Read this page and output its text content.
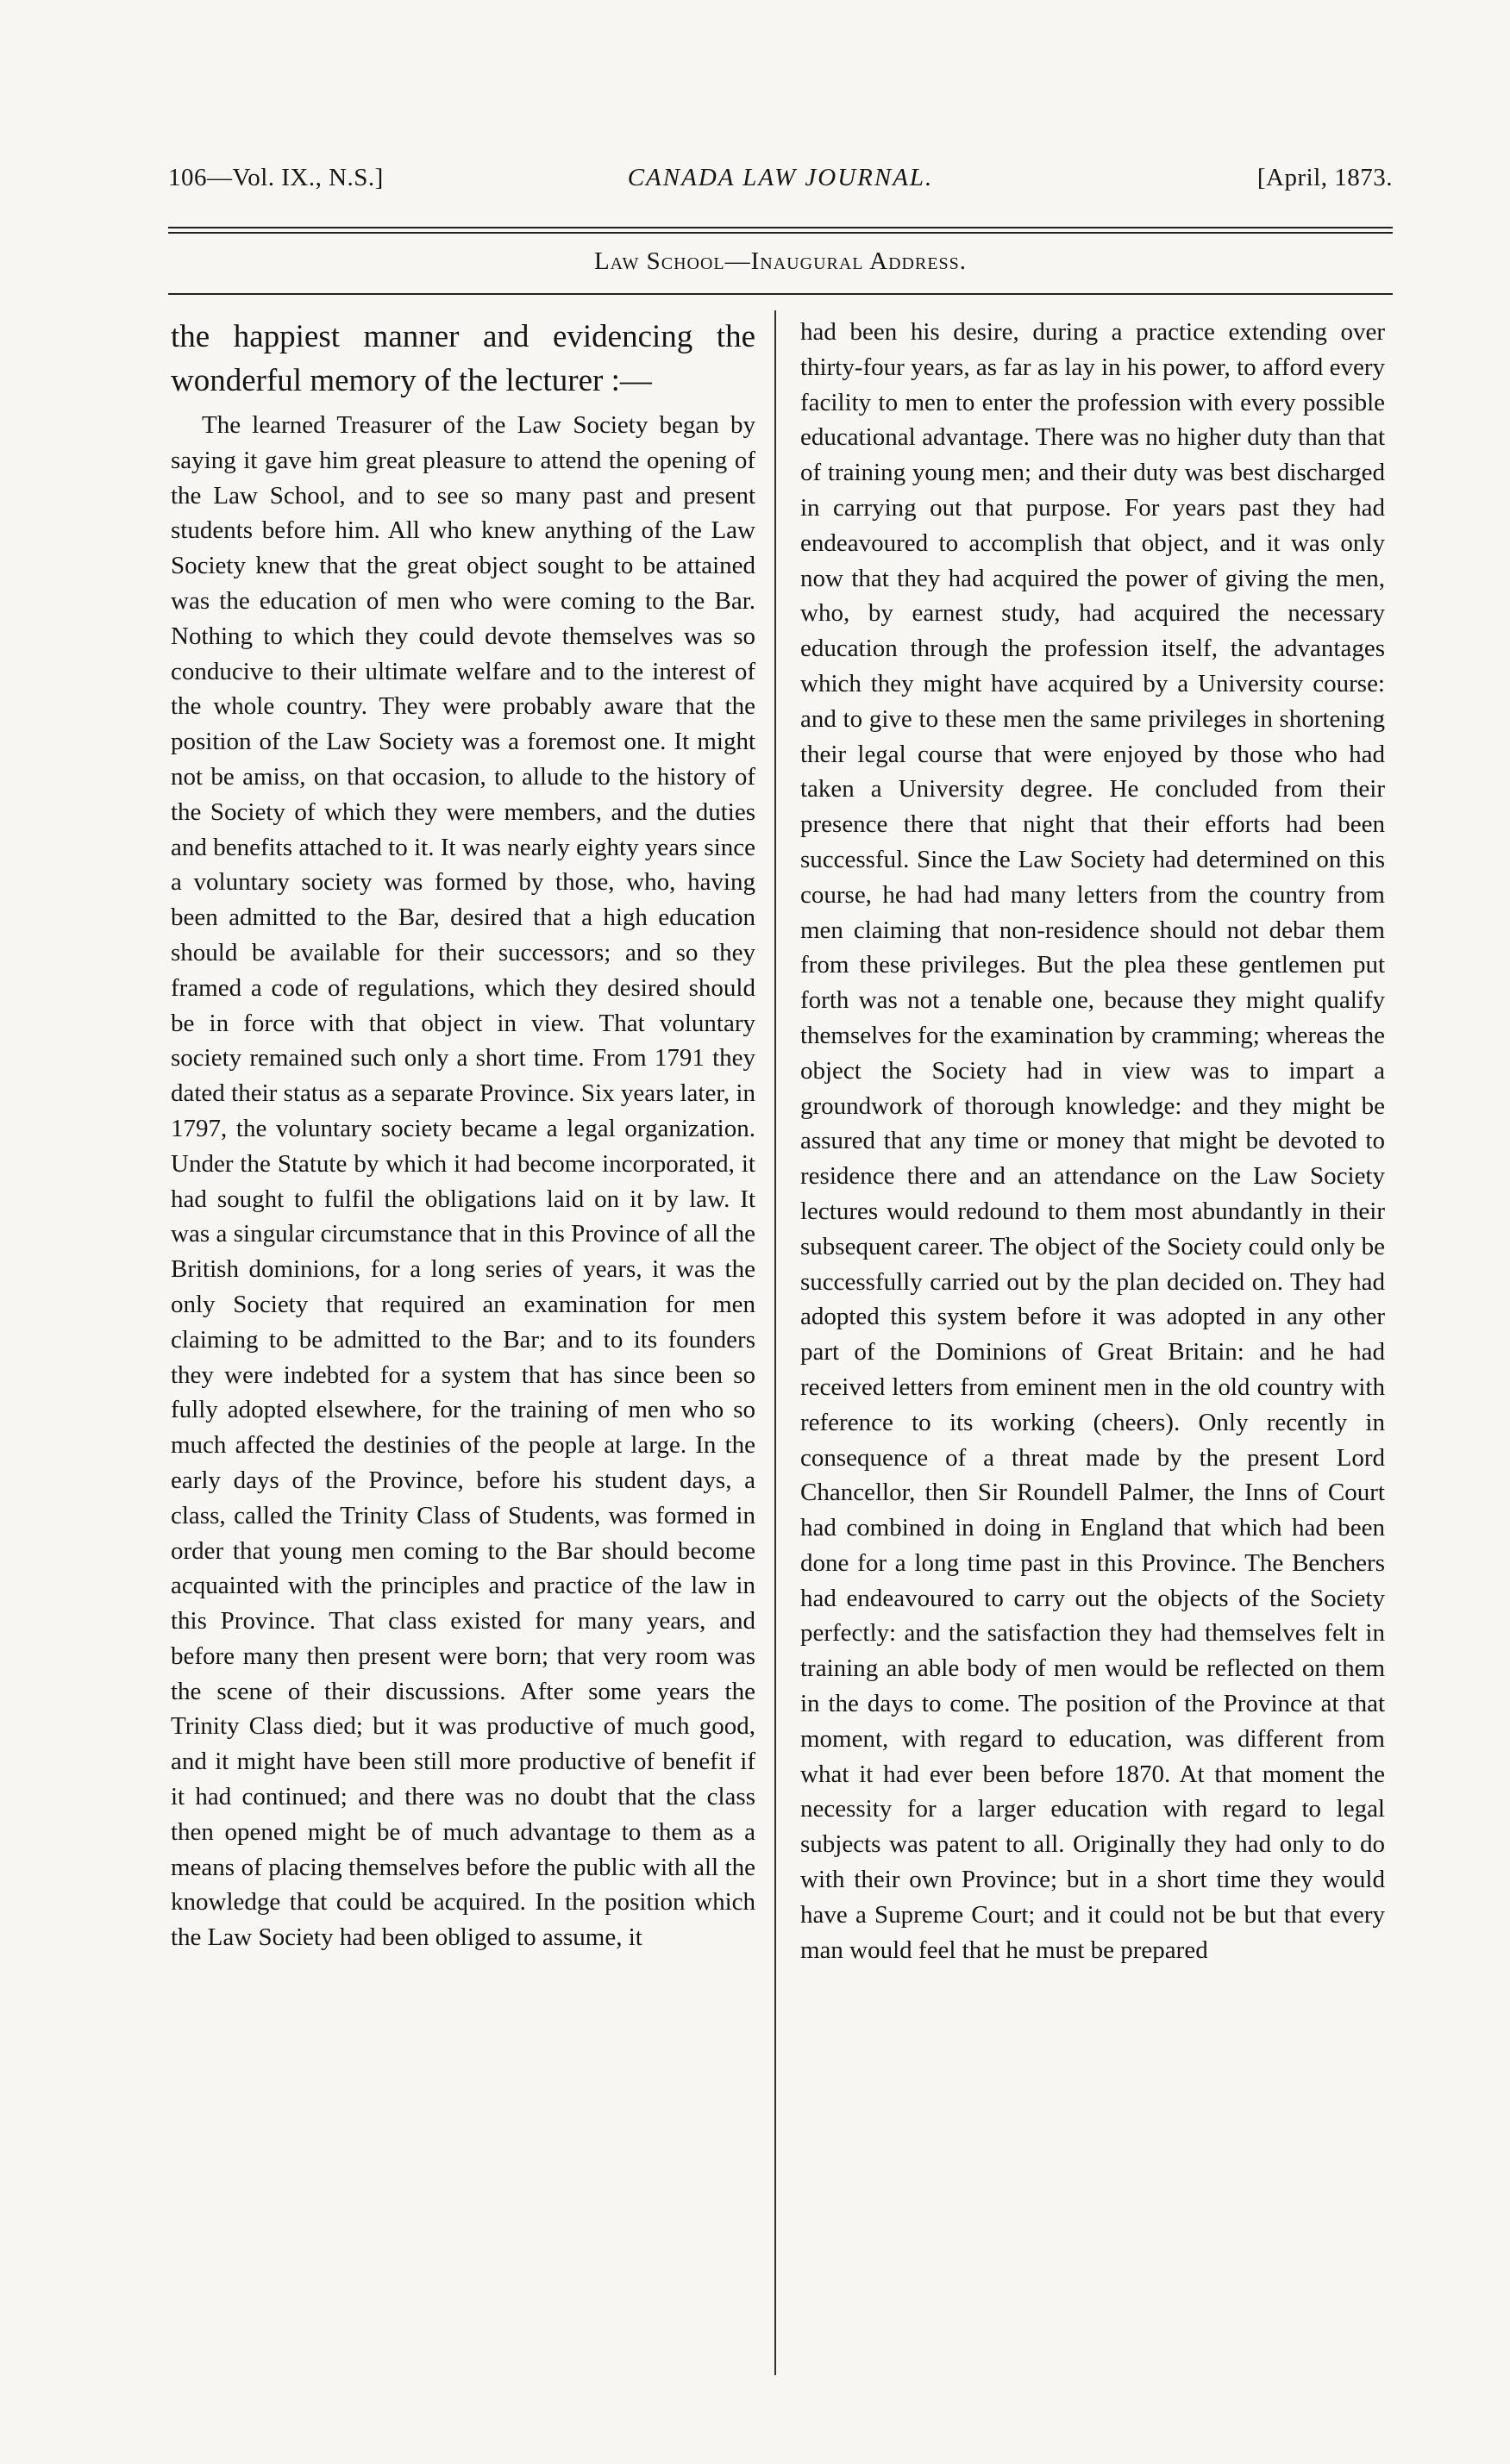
106—Vol. IX., N.S.]	CANADA LAW JOURNAL.	[April, 1873.
Law School—Inaugural Address.
the happiest manner and evidencing the wonderful memory of the lecturer :—

The learned Treasurer of the Law Society began by saying it gave him great pleasure to attend the opening of the Law School, and to see so many past and present students before him. All who knew anything of the Law Society knew that the great object sought to be attained was the education of men who were coming to the Bar. Nothing to which they could devote themselves was so conducive to their ultimate welfare and to the interest of the whole country. They were probably aware that the position of the Law Society was a foremost one. It might not be amiss, on that occasion, to allude to the history of the Society of which they were members, and the duties and benefits attached to it. It was nearly eighty years since a voluntary society was formed by those, who, having been admitted to the Bar, desired that a high education should be available for their successors; and so they framed a code of regulations, which they desired should be in force with that object in view. That voluntary society remained such only a short time. From 1791 they dated their status as a separate Province. Six years later, in 1797, the voluntary society became a legal organization. Under the Statute by which it had become incorporated, it had sought to fulfil the obligations laid on it by law. It was a singular circumstance that in this Province of all the British dominions, for a long series of years, it was the only Society that required an examination for men claiming to be admitted to the Bar; and to its founders they were indebted for a system that has since been so fully adopted elsewhere, for the training of men who so much affected the destinies of the people at large. In the early days of the Province, before his student days, a class, called the Trinity Class of Students, was formed in order that young men coming to the Bar should become acquainted with the principles and practice of the law in this Province. That class existed for many years, and before many then present were born; that very room was the scene of their discussions. After some years the Trinity Class died; but it was productive of much good, and it might have been still more productive of benefit if it had continued; and there was no doubt that the class then opened might be of much advantage to them as a means of placing themselves before the public with all the knowledge that could be acquired. In the position which the Law Society had been obliged to assume, it

had been his desire, during a practice extending over thirty-four years, as far as lay in his power, to afford every facility to men to enter the profession with every possible educational advantage. There was no higher duty than that of training young men; and their duty was best discharged in carrying out that purpose. For years past they had endeavoured to accomplish that object, and it was only now that they had acquired the power of giving the men, who, by earnest study, had acquired the necessary education through the profession itself, the advantages which they might have acquired by a University course: and to give to these men the same privileges in shortening their legal course that were enjoyed by those who had taken a University degree. He concluded from their presence there that night that their efforts had been successful. Since the Law Society had determined on this course, he had had many letters from the country from men claiming that non-residence should not debar them from these privileges. But the plea these gentlemen put forth was not a tenable one, because they might qualify themselves for the examination by cramming; whereas the object the Society had in view was to impart a groundwork of thorough knowledge: and they might be assured that any time or money that might be devoted to residence there and an attendance on the Law Society lectures would redound to them most abundantly in their subsequent career. The object of the Society could only be successfully carried out by the plan decided on. They had adopted this system before it was adopted in any other part of the Dominions of Great Britain: and he had received letters from eminent men in the old country with reference to its working (cheers). Only recently in consequence of a threat made by the present Lord Chancellor, then Sir Roundell Palmer, the Inns of Court had combined in doing in England that which had been done for a long time past in this Province. The Benchers had endeavoured to carry out the objects of the Society perfectly: and the satisfaction they had themselves felt in training an able body of men would be reflected on them in the days to come. The position of the Province at that moment, with regard to education, was different from what it had ever been before 1870. At that moment the necessity for a larger education with regard to legal subjects was patent to all. Originally they had only to do with their own Province; but in a short time they would have a Supreme Court; and it could not be but that every man would feel that he must be prepared
